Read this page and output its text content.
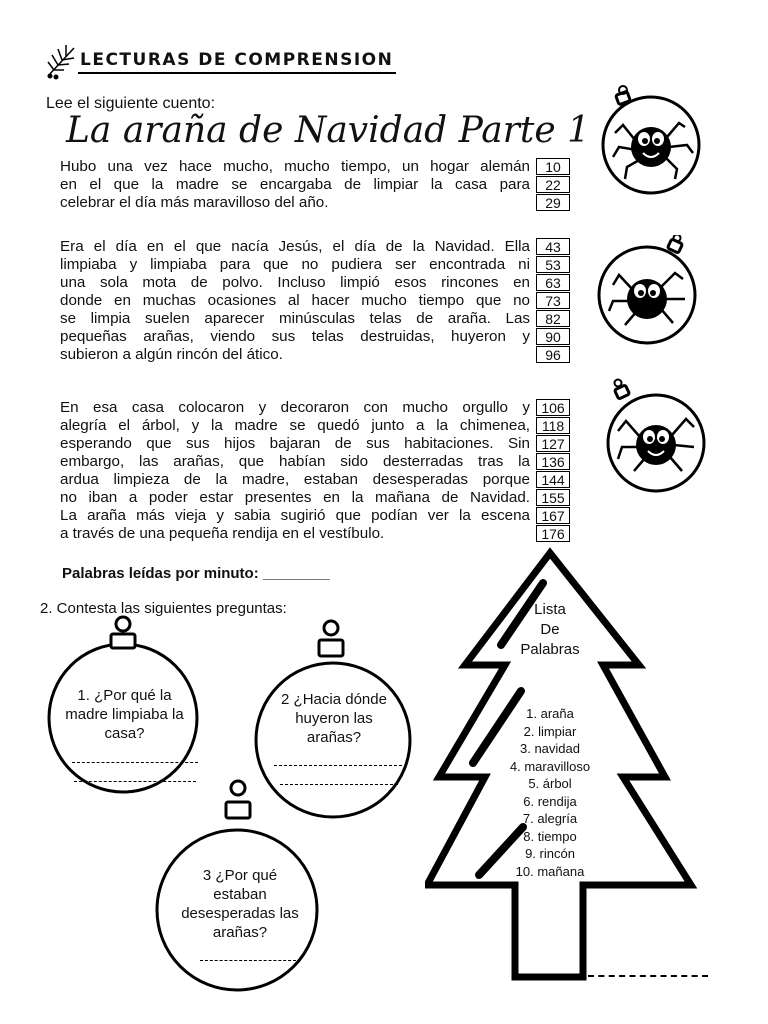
LECTURAS DE COMPRENSION
Lee el siguiente cuento:
La araña de Navidad Parte 1
Hubo una vez hace mucho, mucho tiempo, un hogar alemán
en el que la madre se encargaba de limpiar la casa para
celebrar el día más maravilloso del año.
10
22
29
Era el día en el que nacía Jesús, el día de la Navidad. Ella
limpiaba y limpiaba para que no pudiera ser encontrada ni
una sola mota de polvo. Incluso limpió esos rincones en
donde en muchas ocasiones al hacer mucho tiempo que no
se limpia suelen aparecer minúsculas telas de araña. Las
pequeñas arañas, viendo sus telas destruidas, huyeron y
subieron a algún rincón del ático.
43
53
63
73
82
90
96
En esa casa colocaron y decoraron con mucho orgullo y
alegría el árbol, y la madre se quedó junto a la chimenea,
esperando que sus hijos bajaran de sus habitaciones. Sin
embargo, las arañas, que habían sido desterradas tras la
ardua limpieza de la madre, estaban desesperadas porque
no iban a poder estar presentes en la mañana de Navidad.
La araña más vieja y sabia sugirió que podían ver la escena
a través de una pequeña rendija en el vestíbulo.
106
118
127
136
144
155
167
176
Palabras leídas por minuto: ________
2. Contesta las siguientes preguntas:
1. ¿Por qué la madre limpiaba la casa?
2 ¿Hacia dónde huyeron las arañas?
3 ¿Por qué estaban desesperadas las arañas?
Lista
De
Palabras
1. araña
2. limpiar
3. navidad
4. maravilloso
5. árbol
6. rendija
7. alegría
8. tiempo
9. rincón
10. mañana
